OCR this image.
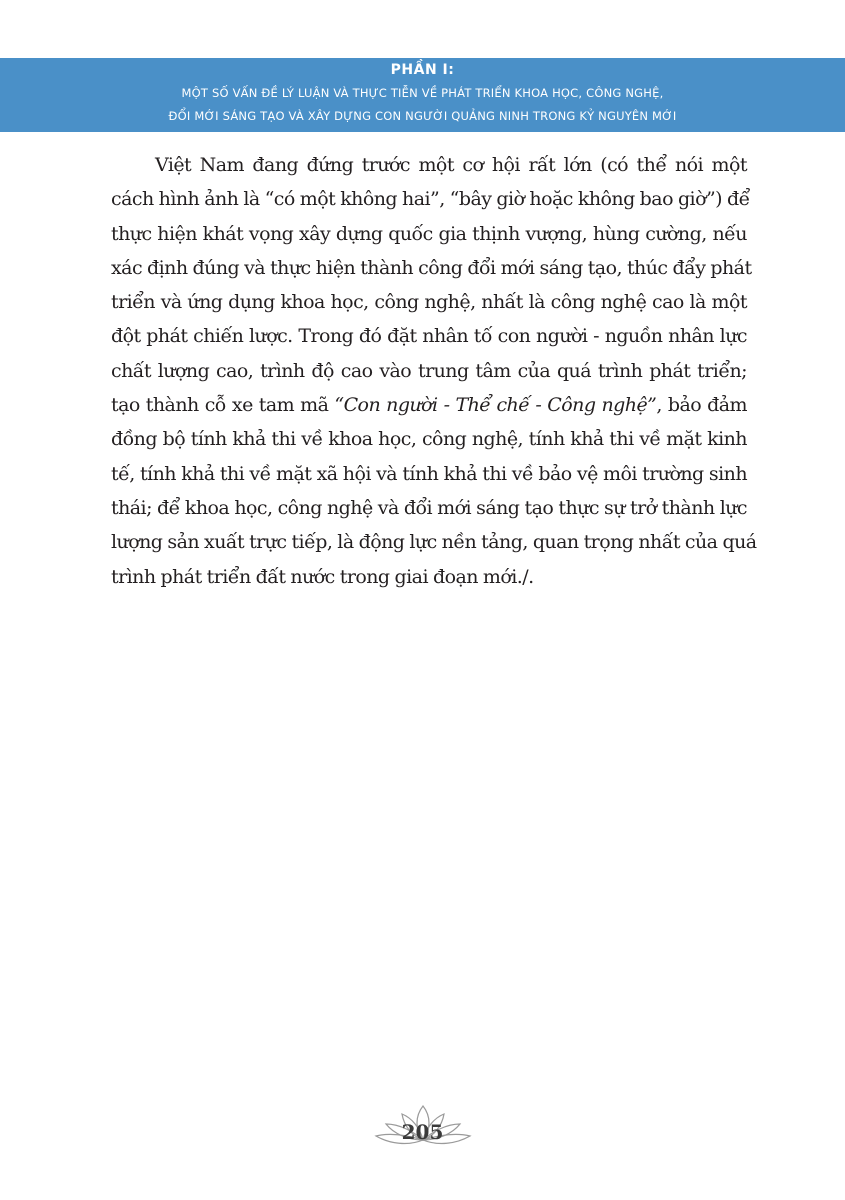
PHẦN I:
MỘT SỐ VẤN ĐỀ LÝ LUẬN VÀ THỰC TIỄN VỀ PHÁT TRIỂN KHOA HỌC, CÔNG NGHỆ,
ĐỔI MỚI SÁNG TẠO VÀ XÂY DỰNG CON NGƯỜI QUẢNG NINH TRONG KỶ NGUYÊN MỚI
Việt Nam đang đứng trước một cơ hội rất lớn (có thể nói một
cách hình ảnh là “có một không hai”, “bây giờ hoặc không bao giờ”) để
thực hiện khát vọng xây dựng quốc gia thịnh vượng, hùng cường, nếu
xác định đúng và thực hiện thành công đổi mới sáng tạo, thúc đẩy phát
triển và ứng dụng khoa học, công nghệ, nhất là công nghệ cao là một
đột phát chiến lược. Trong đó đặt nhân tố con người - nguồn nhân lực
chất lượng cao, trình độ cao vào trung tâm của quá trình phát triển;
tạo thành cỗ xe tam mã “Con người - Thể chế - Công nghệ”, bảo đảm
đồng bộ tính khả thi về khoa học, công nghệ, tính khả thi về mặt kinh
tế, tính khả thi về mặt xã hội và tính khả thi về bảo vệ môi trường sinh
thái; để khoa học, công nghệ và đổi mới sáng tạo thực sự trở thành lực
lượng sản xuất trực tiếp, là động lực nền tảng, quan trọng nhất của quá
trình phát triển đất nước trong giai đoạn mới./.
205
